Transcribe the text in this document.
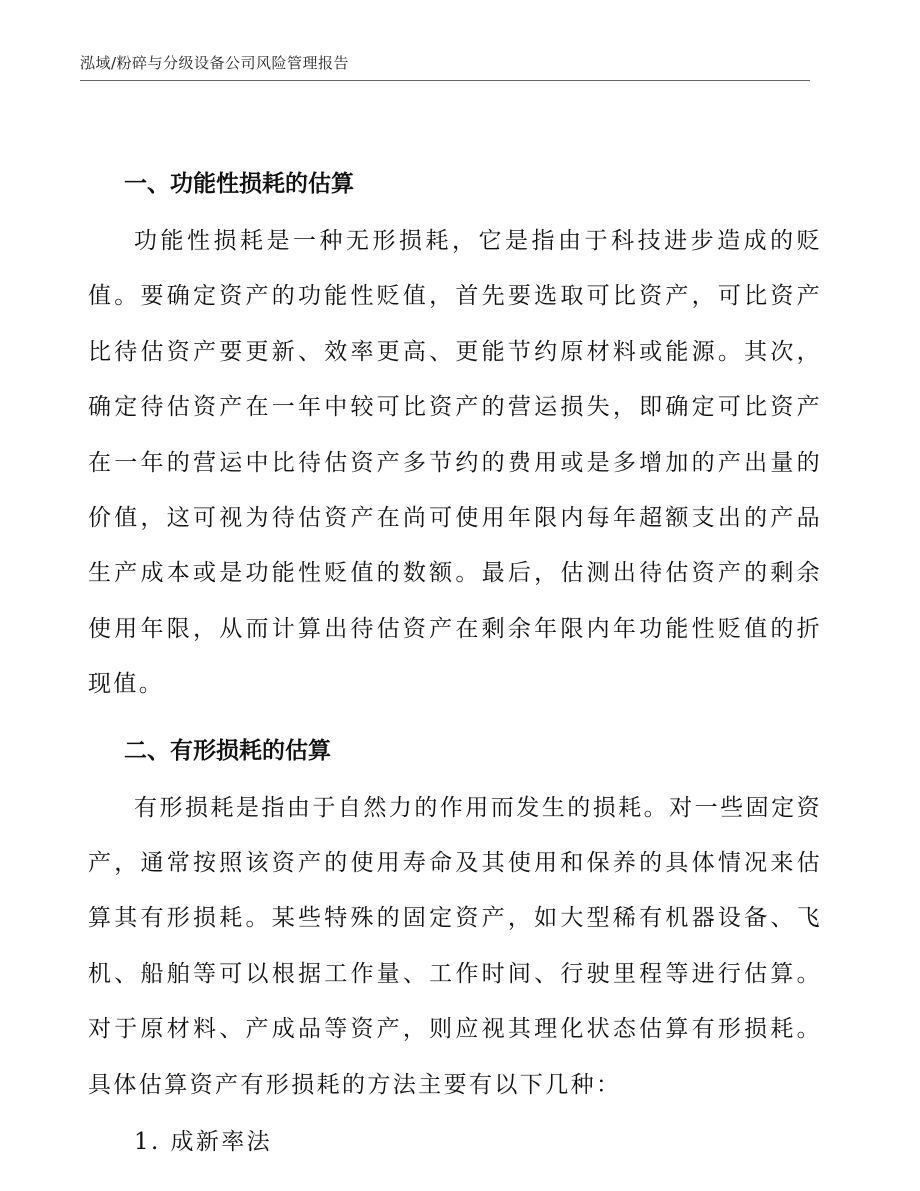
泓域/粉碎与分级设备公司风险管理报告
一、功能性损耗的估算

功能性损耗是一种无形损耗，它是指由于科技进步造成的贬值。要确定资产的功能性贬值，首先要选取可比资产，可比资产比待估资产要更新、效率更高、更能节约原材料或能源。其次，确定待估资产在一年中较可比资产的营运损失，即确定可比资产在一年的营运中比待估资产多节约的费用或是多增加的产出量的价值，这可视为待估资产在尚可使用年限内每年超额支出的产品生产成本或是功能性贬值的数额。最后，估测出待估资产的剩余使用年限，从而计算出待估资产在剩余年限内年功能性贬值的折现值。

二、有形损耗的估算

有形损耗是指由于自然力的作用而发生的损耗。对一些固定资产，通常按照该资产的使用寿命及其使用和保养的具体情况来估算其有形损耗。某些特殊的固定资产，如大型稀有机器设备、飞机、船舶等可以根据工作量、工作时间、行驶里程等进行估算。对于原材料、产成品等资产，则应视其理化状态估算有形损耗。具体估算资产有形损耗的方法主要有以下几种：

1. 成新率法
